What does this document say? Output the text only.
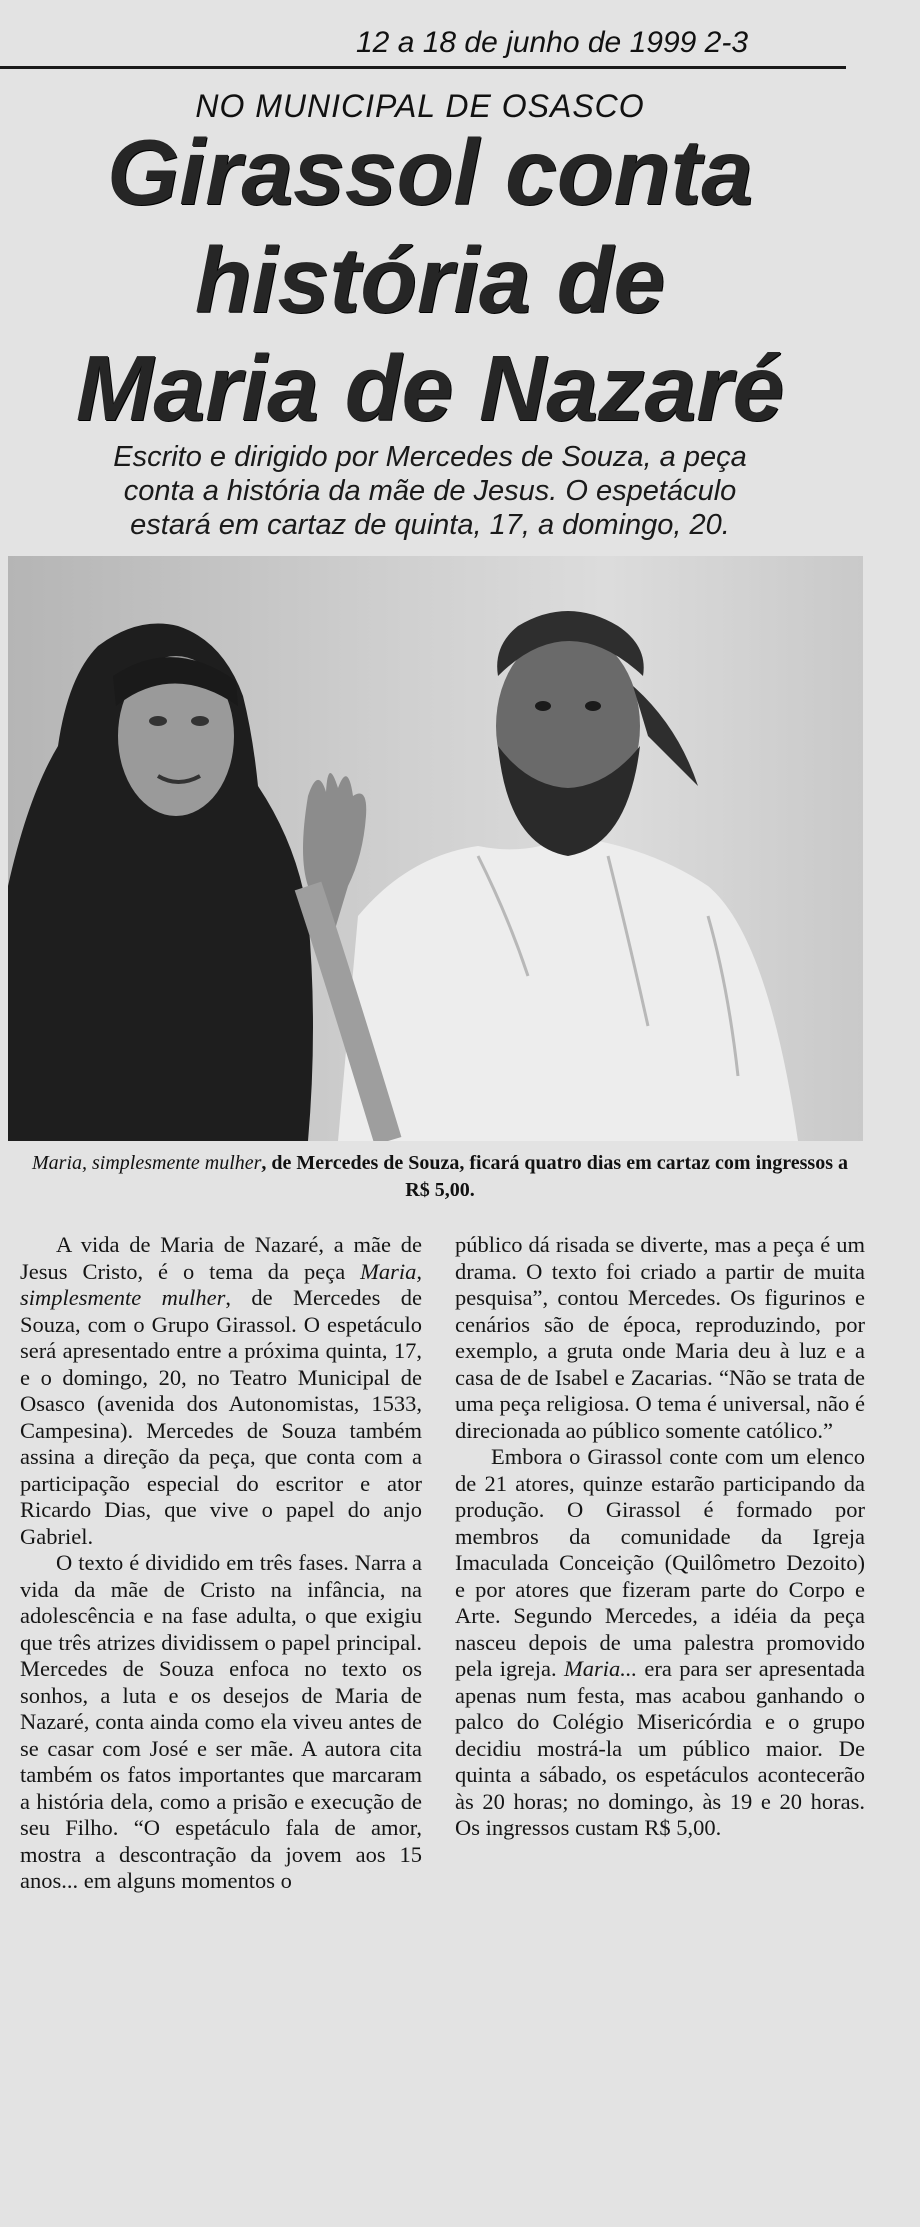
12 a 18 de junho de 1999 2-3
NO MUNICIPAL DE OSASCO
Girassol conta
história de
Maria de Nazaré
Escrito e dirigido por Mercedes de Souza, a peça
conta a história da mãe de Jesus. O espetáculo
estará em cartaz de quinta, 17, a domingo, 20.
Maria, simplesmente mulher, de Mercedes de Souza, ficará quatro dias em cartaz com ingressos a R$ 5,00.

A vida de Maria de Nazaré, a mãe de Jesus Cristo, é o tema da peça Maria, simplesmente mulher, de Mercedes de Souza, com o Grupo Girassol. O espetáculo será apresentado entre a próxima quinta, 17, e o domingo, 20, no Teatro Municipal de Osasco (avenida dos Autonomistas, 1533, Campesina). Mercedes de Souza também assina a direção da peça, que conta com a participação especial do escritor e ator Ricardo Dias, que vive o papel do anjo Gabriel.

O texto é dividido em três fases. Narra a vida da mãe de Cristo na infância, na adolescência e na fase adulta, o que exigiu que três atrizes dividissem o papel principal. Mercedes de Souza enfoca no texto os sonhos, a luta e os desejos de Maria de Nazaré, conta ainda como ela viveu antes de se casar com José e ser mãe. A autora cita também os fatos importantes que marcaram a história dela, como a prisão e execução de seu Filho. “O espetáculo fala de amor, mostra a descontração da jovem aos 15 anos... em alguns momentos o

público dá risada se diverte, mas a peça é um drama. O texto foi criado a partir de muita pesquisa”, contou Mercedes. Os figurinos e cenários são de época, reproduzindo, por exemplo, a gruta onde Maria deu à luz e a casa de de Isabel e Zacarias. “Não se trata de uma peça religiosa. O tema é universal, não é direcionada ao público somente católico.”

Embora o Girassol conte com um elenco de 21 atores, quinze estarão participando da produção. O Girassol é formado por membros da comunidade da Igreja Imaculada Conceição (Quilômetro Dezoito) e por atores que fizeram parte do Corpo e Arte. Segundo Mercedes, a idéia da peça nasceu depois de uma palestra promovido pela igreja. Maria... era para ser apresentada apenas num festa, mas acabou ganhando o palco do Colégio Misericórdia e o grupo decidiu mostrá-la um público maior. De quinta a sábado, os espetáculos acontecerão às 20 horas; no domingo, às 19 e 20 horas. Os ingressos custam R$ 5,00.
